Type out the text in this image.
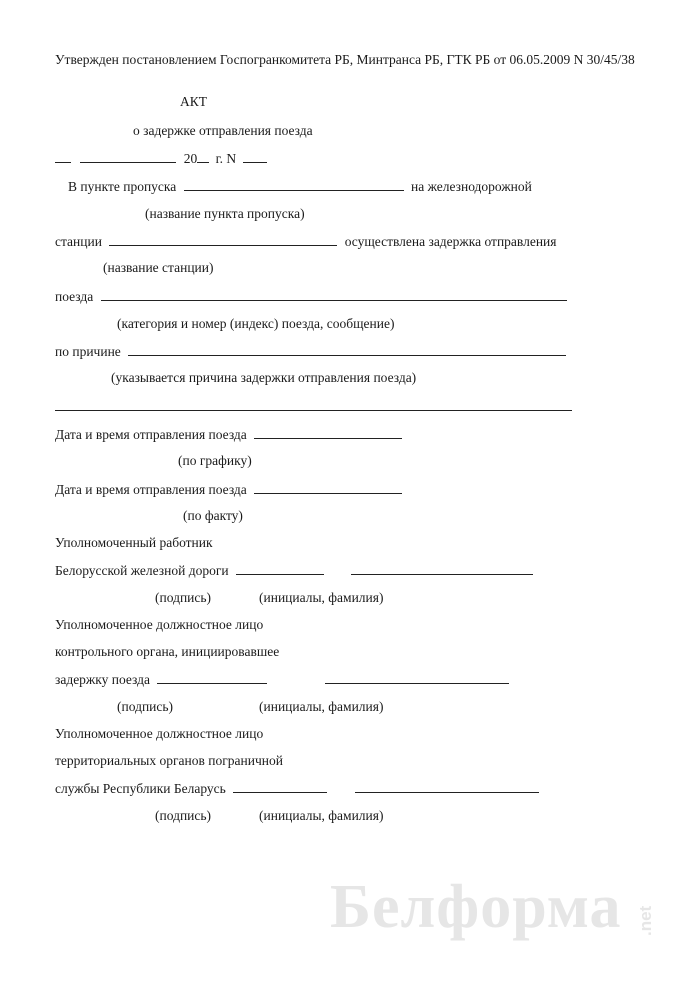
Утвержден постановлением Госпогранкомитета РБ, Минтранса РБ, ГТК РБ от 06.05.2009 N 30/45/38
АКТ
о задержке отправления поезда
20 г. N
В пункте пропуска	на железнодорожной
(название пункта пропуска)
станции	осуществлена задержка отправления
(название станции)
поезда
(категория и номер (индекс) поезда, сообщение)
по причине
(указывается причина задержки отправления поезда)
Дата и время отправления поезда
(по графику)
Дата и время отправления поезда
(по факту)
Уполномоченный работник
Белорусской железной дороги
(подпись)	(инициалы, фамилия)
Уполномоченное должностное лицо
контрольного органа, инициировавшее
задержку поезда
(подпись)	(инициалы, фамилия)
Уполномоченное должностное лицо
территориальных органов пограничной
службы Республики Беларусь
(подпись)	(инициалы, фамилия)
Белформа .net
